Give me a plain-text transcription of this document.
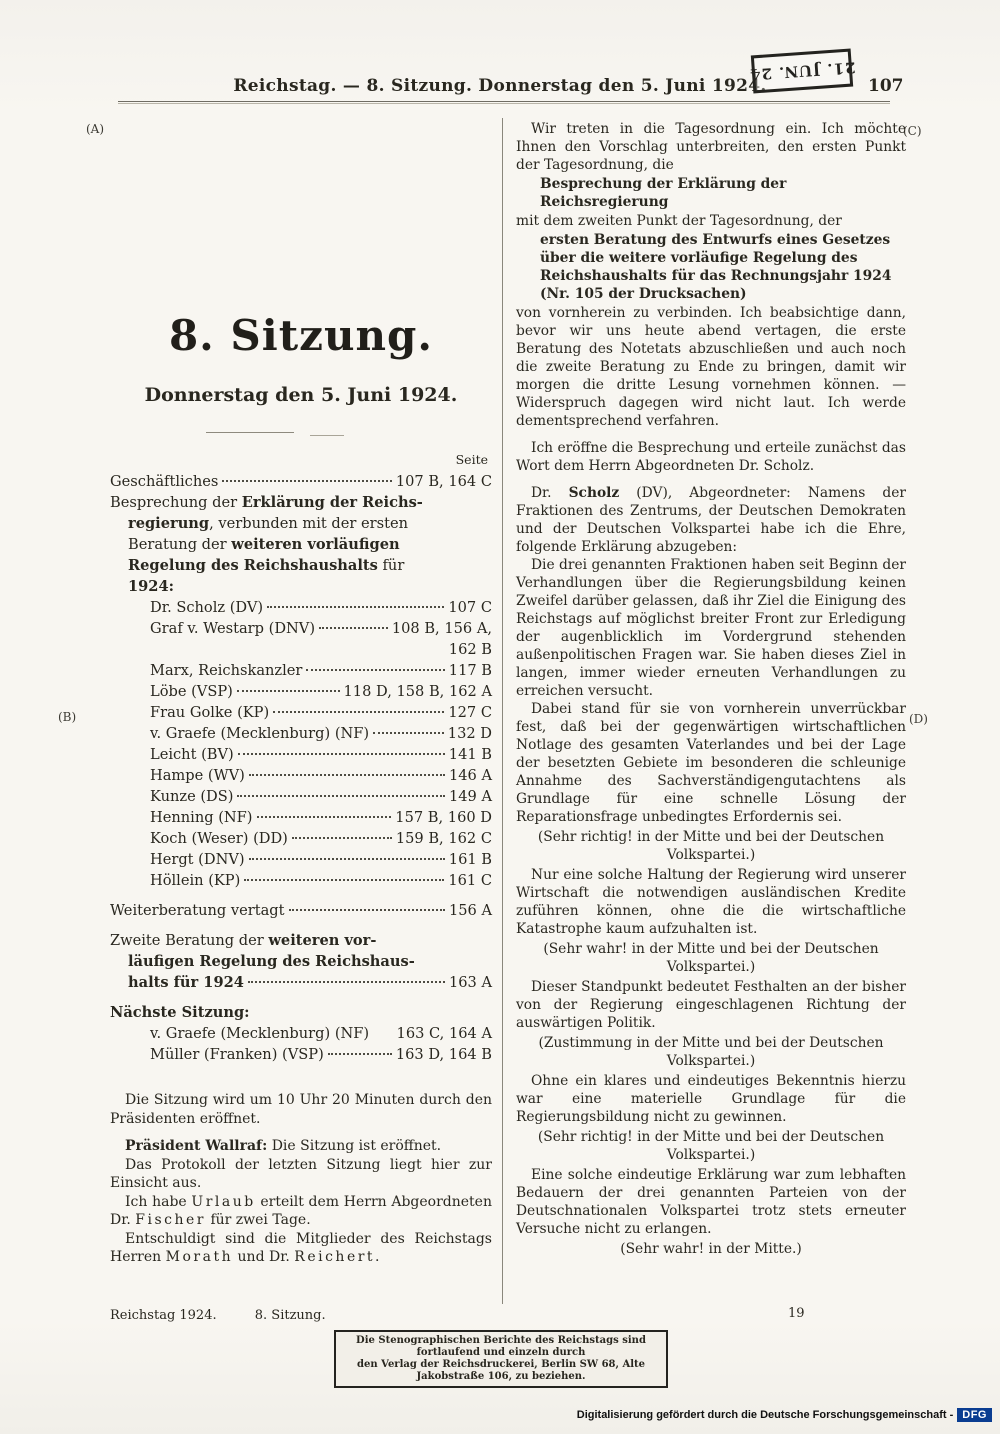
Reichstag. — 8. Sitzung. Donnerstag den 5. Juni 1924.	107
21. JUN. 24
(A)
(B)
(C)
(D)
8. Sitzung.
Donnerstag den 5. Juni 1924.
Seite
Geschäftliches	107 B, 164 C
Besprechung der Erklärung der Reichs-
regierung, verbunden mit der ersten
Beratung der weiteren vorläufigen
Regelung des Reichshaushalts für
1924:
Dr. Scholz (DV)	107 C
Graf v. Westarp (DNV)	108 B, 156 A,
162 B
Marx, Reichskanzler	117 B
Löbe (VSP)	118 D, 158 B, 162 A
Frau Golke (KP)	127 C
v. Graefe (Mecklenburg) (NF)	132 D
Leicht (BV)	141 B
Hampe (WV)	146 A
Kunze (DS)	149 A
Henning (NF)	157 B, 160 D
Koch (Weser) (DD)	159 B, 162 C
Hergt (DNV)	161 B
Höllein (KP)	161 C
Weiterberatung vertagt	156 A
Zweite Beratung der weiteren vor-
läufigen Regelung des Reichshaus-
halts für 1924	163 A
Nächste Sitzung:
v. Graefe (Mecklenburg) (NF) 163 C, 164 A
Müller (Franken) (VSP)	163 D, 164 B
Die Sitzung wird um 10 Uhr 20 Minuten durch den Präsidenten eröffnet.
Präsident Wallraf: Die Sitzung ist eröffnet.
Das Protokoll der letzten Sitzung liegt hier zur Einsicht aus.
Ich habe Urlaub erteilt dem Herrn Abgeordneten Dr. Fischer für zwei Tage.
Entschuldigt sind die Mitglieder des Reichstags Herren Morath und Dr. Reichert.
Wir treten in die Tagesordnung ein. Ich möchte Ihnen den Vorschlag unterbreiten, den ersten Punkt der Tagesordnung, die
Besprechung der Erklärung der Reichsregierung
mit dem zweiten Punkt der Tagesordnung, der
ersten Beratung des Entwurfs eines Gesetzes über die weitere vorläufige Regelung des Reichshaushalts für das Rechnungsjahr 1924 (Nr. 105 der Drucksachen)
von vornherein zu verbinden. Ich beabsichtige dann, bevor wir uns heute abend vertagen, die erste Beratung des Notetats abzuschließen und auch noch die zweite Beratung zu Ende zu bringen, damit wir morgen die dritte Lesung vornehmen können. — Widerspruch dagegen wird nicht laut. Ich werde dementsprechend verfahren.
Ich eröffne die Besprechung und erteile zunächst das Wort dem Herrn Abgeordneten Dr. Scholz.
Dr. Scholz (DV), Abgeordneter: Namens der Fraktionen des Zentrums, der Deutschen Demokraten und der Deutschen Volkspartei habe ich die Ehre, folgende Erklärung abzugeben:
Die drei genannten Fraktionen haben seit Beginn der Verhandlungen über die Regierungsbildung keinen Zweifel darüber gelassen, daß ihr Ziel die Einigung des Reichstags auf möglichst breiter Front zur Erledigung der augenblicklich im Vordergrund stehenden außenpolitischen Fragen war. Sie haben dieses Ziel in langen, immer wieder erneuten Verhandlungen zu erreichen versucht.
Dabei stand für sie von vornherein unverrückbar fest, daß bei der gegenwärtigen wirtschaftlichen Notlage des gesamten Vaterlandes und bei der Lage der besetzten Gebiete im besonderen die schleunige Annahme des Sachverständigengutachtens als Grundlage für eine schnelle Lösung der Reparationsfrage unbedingtes Erfordernis sei.
(Sehr richtig! in der Mitte und bei der Deutschen Volkspartei.)
Nur eine solche Haltung der Regierung wird unserer Wirtschaft die notwendigen ausländischen Kredite zuführen können, ohne die die wirtschaftliche Katastrophe kaum aufzuhalten ist.
(Sehr wahr! in der Mitte und bei der Deutschen Volkspartei.)
Dieser Standpunkt bedeutet Festhalten an der bisher von der Regierung eingeschlagenen Richtung der auswärtigen Politik.
(Zustimmung in der Mitte und bei der Deutschen Volkspartei.)
Ohne ein klares und eindeutiges Bekenntnis hierzu war eine materielle Grundlage für die Regierungsbildung nicht zu gewinnen.
(Sehr richtig! in der Mitte und bei der Deutschen Volkspartei.)
Eine solche eindeutige Erklärung war zum lebhaften Bedauern der drei genannten Parteien von der Deutschnationalen Volkspartei trotz stets erneuter Versuche nicht zu erlangen.
(Sehr wahr! in der Mitte.)
19
Reichstag 1924.	8. Sitzung.
Die Stenographischen Berichte des Reichstags sind fortlaufend und einzeln durch
den Verlag der Reichsdruckerei, Berlin SW 68, Alte Jakobstraße 106, zu beziehen.
Digitalisierung gefördert durch die Deutsche Forschungsgemeinschaft - DFG
